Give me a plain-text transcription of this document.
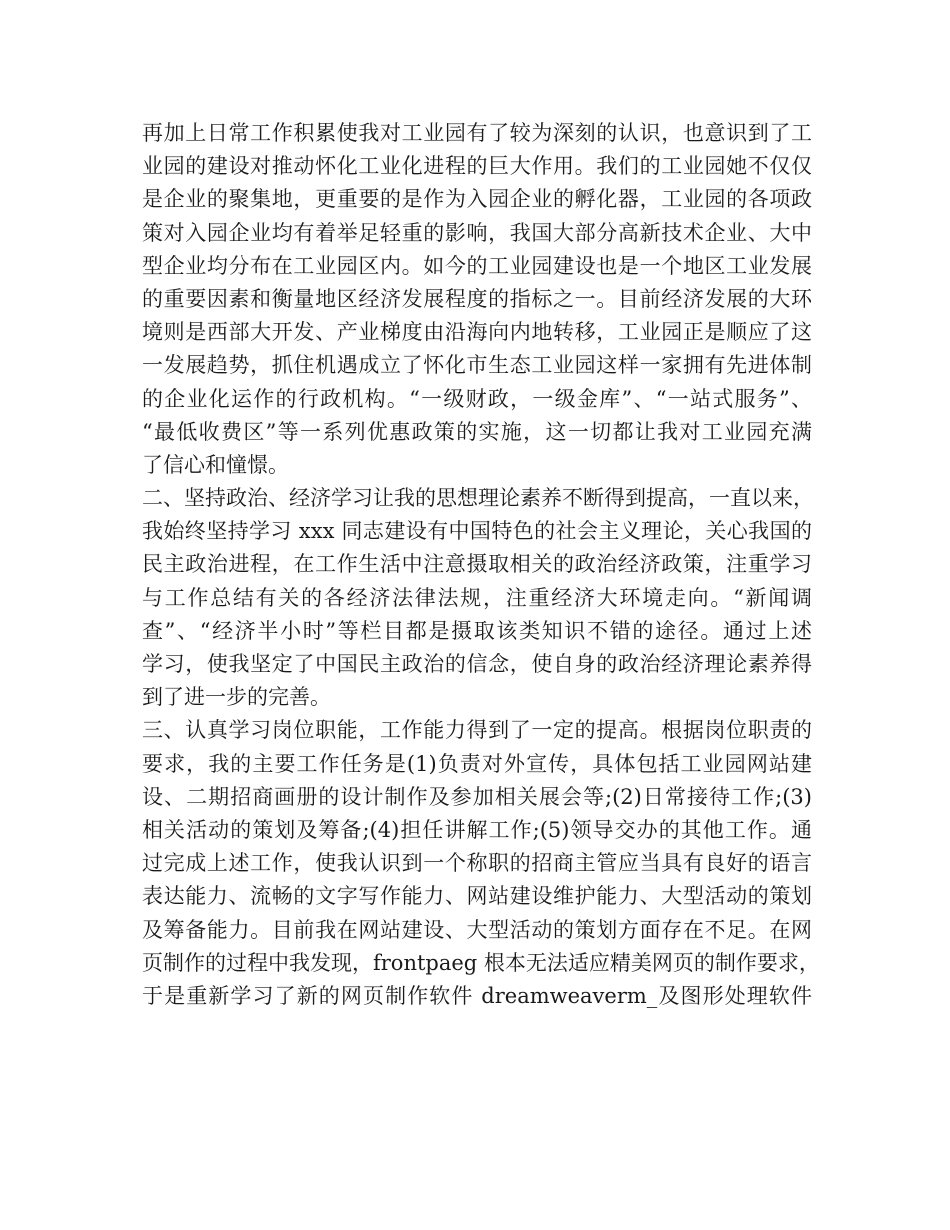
再加上日常工作积累使我对工业园有了较为深刻的认识，也意识到了工
业园的建设对推动怀化工业化进程的巨大作用。我们的工业园她不仅仅
是企业的聚集地，更重要的是作为入园企业的孵化器，工业园的各项政
策对入园企业均有着举足轻重的影响，我国大部分高新技术企业、大中
型企业均分布在工业园区内。如今的工业园建设也是一个地区工业发展
的重要因素和衡量地区经济发展程度的指标之一。目前经济发展的大环
境则是西部大开发、产业梯度由沿海向内地转移，工业园正是顺应了这
一发展趋势，抓住机遇成立了怀化市生态工业园这样一家拥有先进体制
的企业化运作的行政机构。“一级财政，一级金库”、“一站式服务”、
“最低收费区”等一系列优惠政策的实施，这一切都让我对工业园充满
了信心和憧憬。
二、坚持政治、经济学习让我的思想理论素养不断得到提高，一直以来，
我始终坚持学习 xxx 同志建设有中国特色的社会主义理论，关心我国的
民主政治进程，在工作生活中注意摄取相关的政治经济政策，注重学习
与工作总结有关的各经济法律法规，注重经济大环境走向。“新闻调
查”、“经济半小时”等栏目都是摄取该类知识不错的途径。通过上述
学习，使我坚定了中国民主政治的信念，使自身的政治经济理论素养得
到了进一步的完善。
三、认真学习岗位职能，工作能力得到了一定的提高。根据岗位职责的
要求，我的主要工作任务是(1)负责对外宣传，具体包括工业园网站建
设、二期招商画册的设计制作及参加相关展会等;(2)日常接待工作;(3)
相关活动的策划及筹备;(4)担任讲解工作;(5)领导交办的其他工作。通
过完成上述工作，使我认识到一个称职的招商主管应当具有良好的语言
表达能力、流畅的文字写作能力、网站建设维护能力、大型活动的策划
及筹备能力。目前我在网站建设、大型活动的策划方面存在不足。在网
页制作的过程中我发现，frontpaeg 根本无法适应精美网页的制作要求，
于是重新学习了新的网页制作软件 dreamweaverm_及图形处理软件
